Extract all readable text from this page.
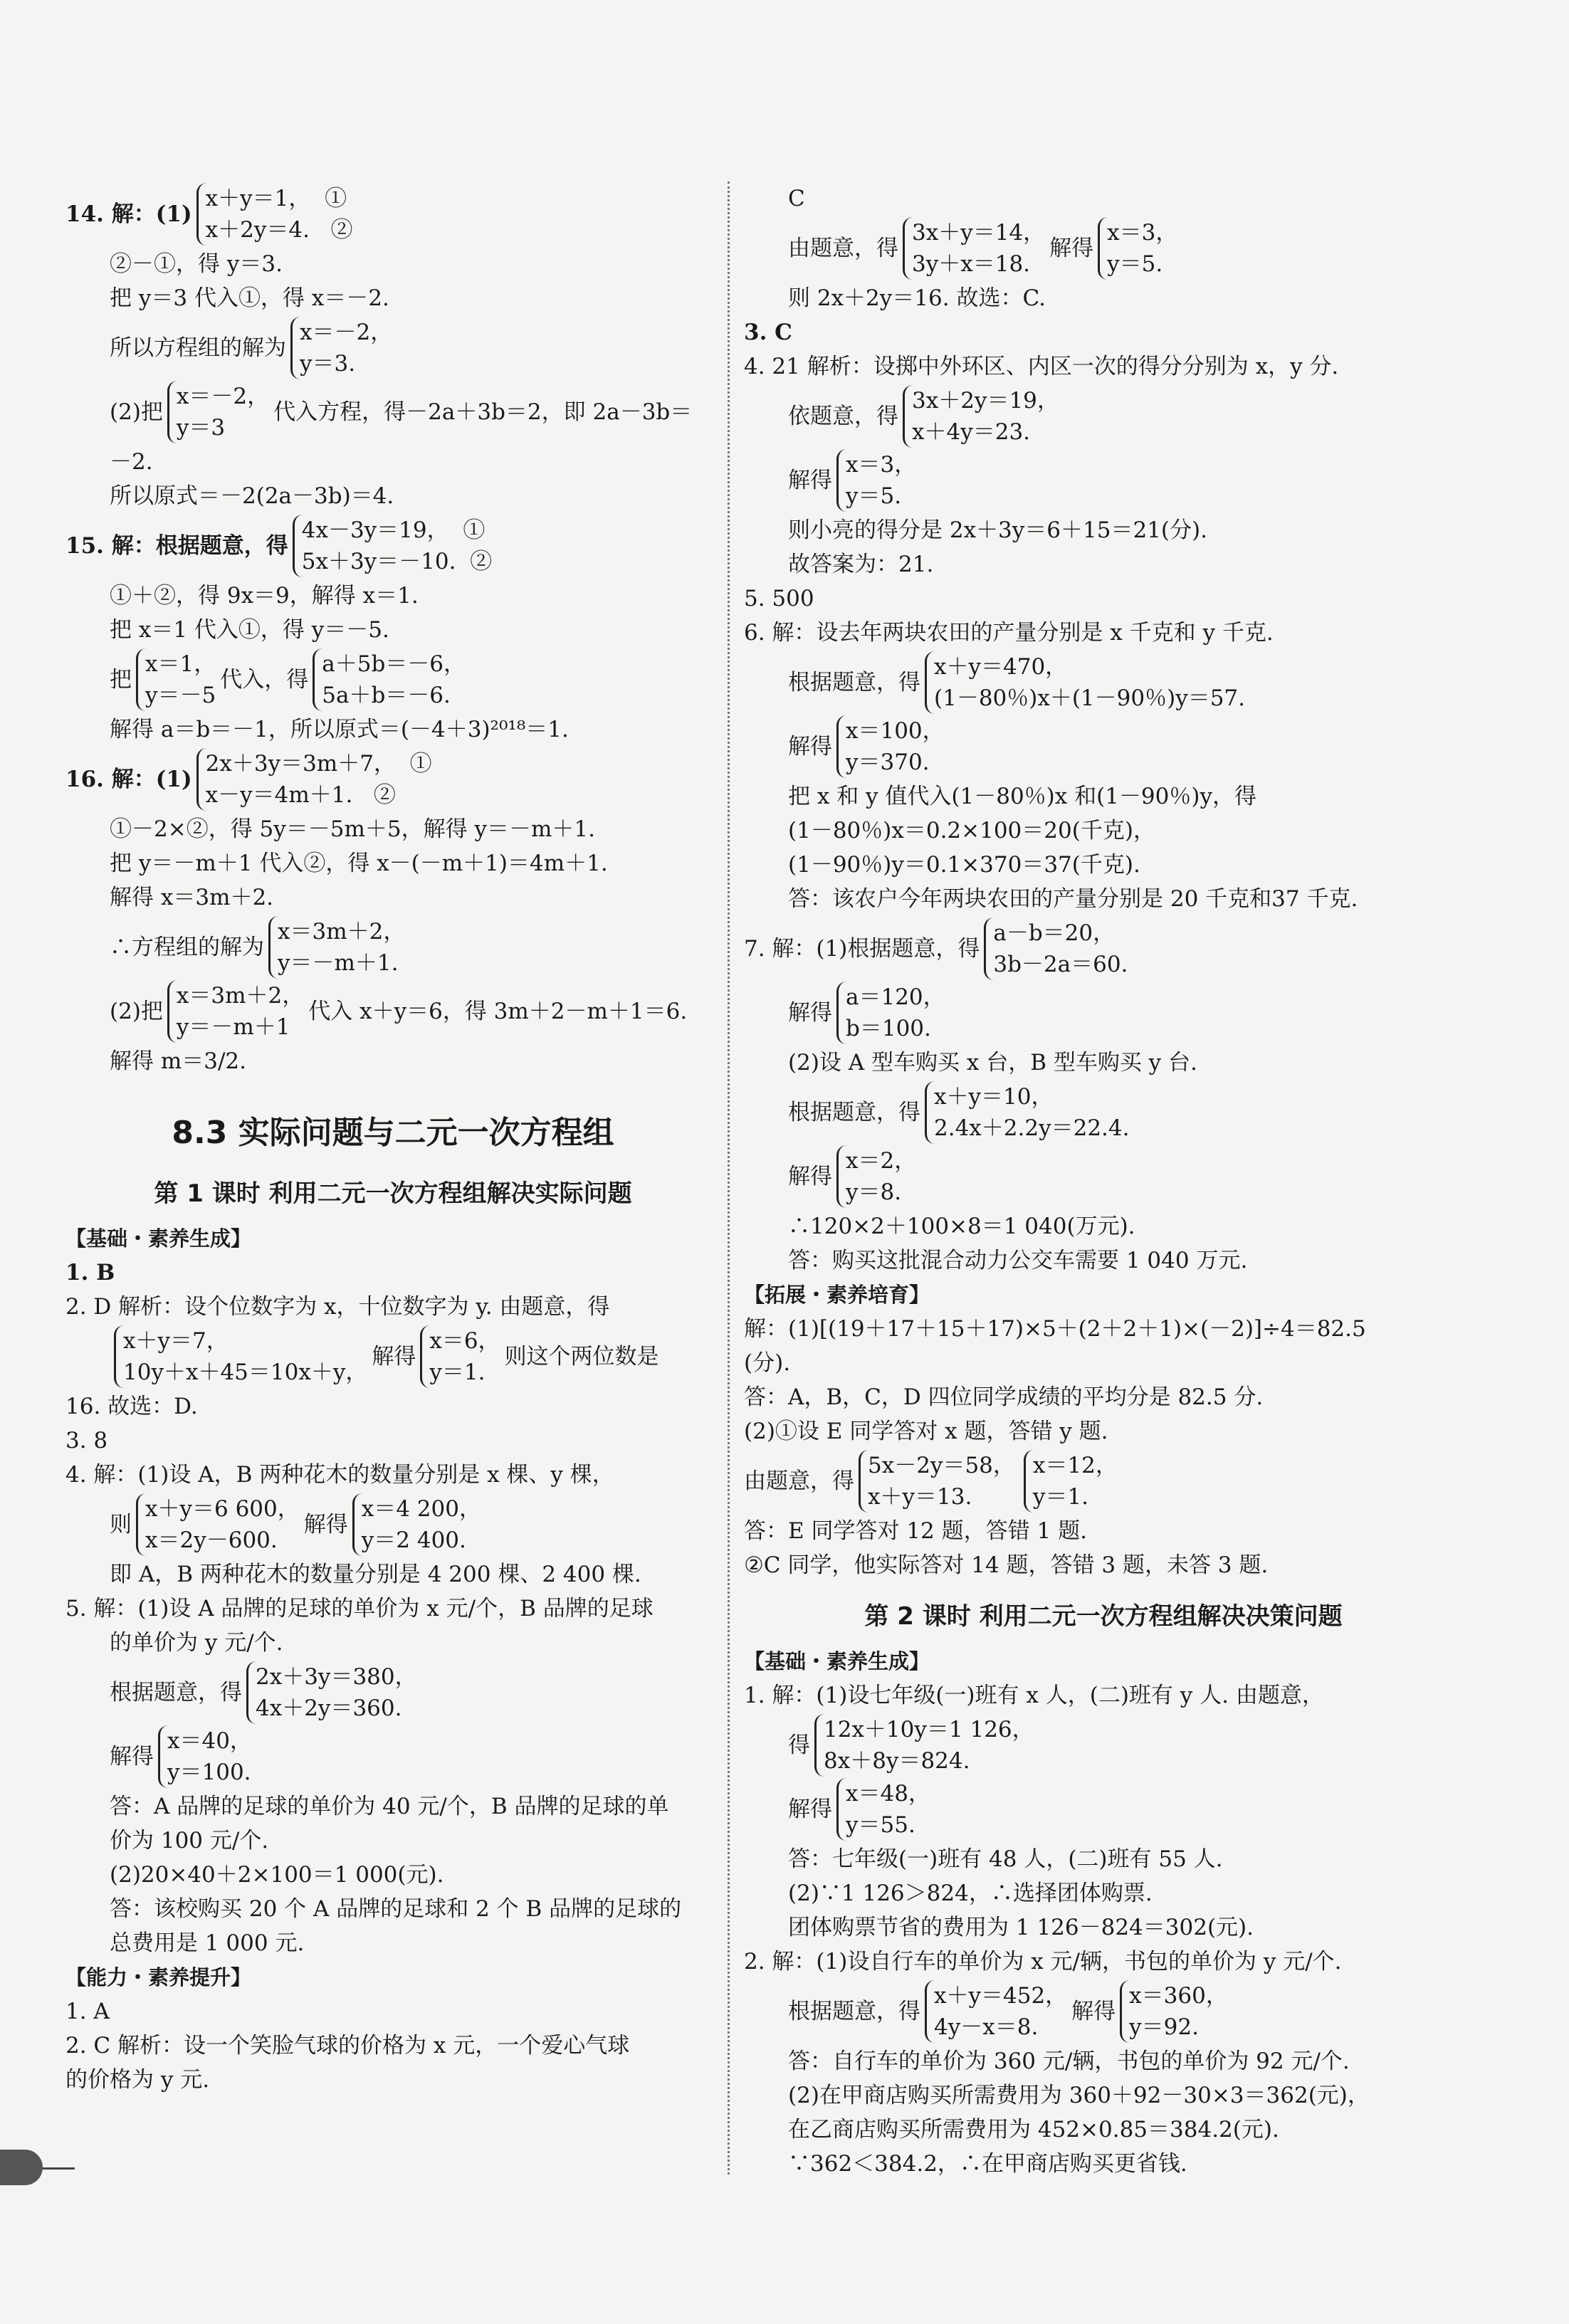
14. 解：(1)
x＋y＝1，  ①
x＋2y＝4.   ②
②－①，得 y＝3.
把 y＝3 代入①，得 x＝－2.
所以方程组的解为
x＝－2，
y＝3.
(2)把
x＝－2，
y＝3
代入方程，得－2a＋3b＝2，即 2a－3b＝
－2.
所以原式＝－2(2a－3b)＝4.
15. 解：根据题意，得
4x－3y＝19，  ①
5x＋3y＝－10.  ②
①＋②，得 9x＝9，解得 x＝1.
把 x＝1 代入①，得 y＝－5.
把
x＝1，
y＝－5
代入，得
a＋5b＝－6，
5a＋b＝－6.
解得 a＝b＝－1，所以原式＝(－4＋3)²⁰¹⁸＝1.
16. 解：(1)
2x＋3y＝3m＋7，  ①
x－y＝4m＋1.   ②
①－2×②，得 5y＝－5m＋5，解得 y＝－m＋1.
把 y＝－m＋1 代入②，得 x－(－m＋1)＝4m＋1.
解得 x＝3m＋2.
∴方程组的解为
x＝3m＋2，
y＝－m＋1.
(2)把
x＝3m＋2，
y＝－m＋1
代入 x＋y＝6，得 3m＋2－m＋1＝6.
解得 m＝3/2.
8.3 实际问题与二元一次方程组
第 1 课时 利用二元一次方程组解决实际问题
【基础・素养生成】
1. B
2. D 解析：设个位数字为 x，十位数字为 y. 由题意，得
x＋y＝7，
10y＋x＋45＝10x＋y，
解得
x＝6，
y＝1.
则这个两位数是
16. 故选：D.
3. 8
4. 解：(1)设 A，B 两种花木的数量分别是 x 棵、y 棵，
则
x＋y＝6 600，
x＝2y－600.
解得
x＝4 200，
y＝2 400.
即 A，B 两种花木的数量分别是 4 200 棵、2 400 棵.
5. 解：(1)设 A 品牌的足球的单价为 x 元/个，B 品牌的足球
的单价为 y 元/个.
根据题意，得
2x＋3y＝380，
4x＋2y＝360.
解得
x＝40，
y＝100.
答：A 品牌的足球的单价为 40 元/个，B 品牌的足球的单
价为 100 元/个.
(2)20×40＋2×100＝1 000(元).
答：该校购买 20 个 A 品牌的足球和 2 个 B 品牌的足球的
总费用是 1 000 元.
【能力・素养提升】
1. A
2. C 解析：设一个笑脸气球的价格为 x 元，一个爱心气球
的价格为 y 元.
C
由题意，得
3x＋y＝14，
3y＋x＝18.
解得
x＝3，
y＝5.
则 2x＋2y＝16. 故选：C.
3. C
4. 21 解析：设掷中外环区、内区一次的得分分别为 x，y 分.
依题意，得
3x＋2y＝19，
x＋4y＝23.
解得
x＝3，
y＝5.
则小亮的得分是 2x＋3y＝6＋15＝21(分).
故答案为：21.
5. 500
6. 解：设去年两块农田的产量分别是 x 千克和 y 千克.
根据题意，得
x＋y＝470，
(1－80％)x＋(1－90％)y＝57.
解得
x＝100，
y＝370.
把 x 和 y 值代入(1－80％)x 和(1－90％)y，得
(1－80％)x＝0.2×100＝20(千克)，
(1－90％)y＝0.1×370＝37(千克).
答：该农户今年两块农田的产量分别是 20 千克和37 千克.
7. 解：(1)根据题意，得
a－b＝20，
3b－2a＝60.
解得
a＝120，
b＝100.
(2)设 A 型车购买 x 台，B 型车购买 y 台.
根据题意，得
x＋y＝10，
2.4x＋2.2y＝22.4.
解得
x＝2，
y＝8.
∴120×2＋100×8＝1 040(万元).
答：购买这批混合动力公交车需要 1 040 万元.
【拓展・素养培育】
解：(1)[(19＋17＋15＋17)×5＋(2＋2＋1)×(－2)]÷4＝82.5
(分).
答：A，B，C，D 四位同学成绩的平均分是 82.5 分.
(2)①设 E 同学答对 x 题，答错 y 题.
由题意，得
5x－2y＝58，
x＋y＝13.
x＝12，
y＝1.
答：E 同学答对 12 题，答错 1 题.
②C 同学，他实际答对 14 题，答错 3 题，未答 3 题.
第 2 课时 利用二元一次方程组解决决策问题
【基础・素养生成】
1. 解：(1)设七年级(一)班有 x 人，(二)班有 y 人. 由题意，
得
12x＋10y＝1 126，
8x＋8y＝824.
解得
x＝48，
y＝55.
答：七年级(一)班有 48 人，(二)班有 55 人.
(2)∵1 126＞824，∴选择团体购票.
团体购票节省的费用为 1 126－824＝302(元).
2. 解：(1)设自行车的单价为 x 元/辆，书包的单价为 y 元/个.
根据题意，得
x＋y＝452，
4y－x＝8.
解得
x＝360，
y＝92.
答：自行车的单价为 360 元/辆，书包的单价为 92 元/个.
(2)在甲商店购买所需费用为 360＋92－30×3＝362(元)，
在乙商店购买所需费用为 452×0.85＝384.2(元).
∵362＜384.2，∴在甲商店购买更省钱.
